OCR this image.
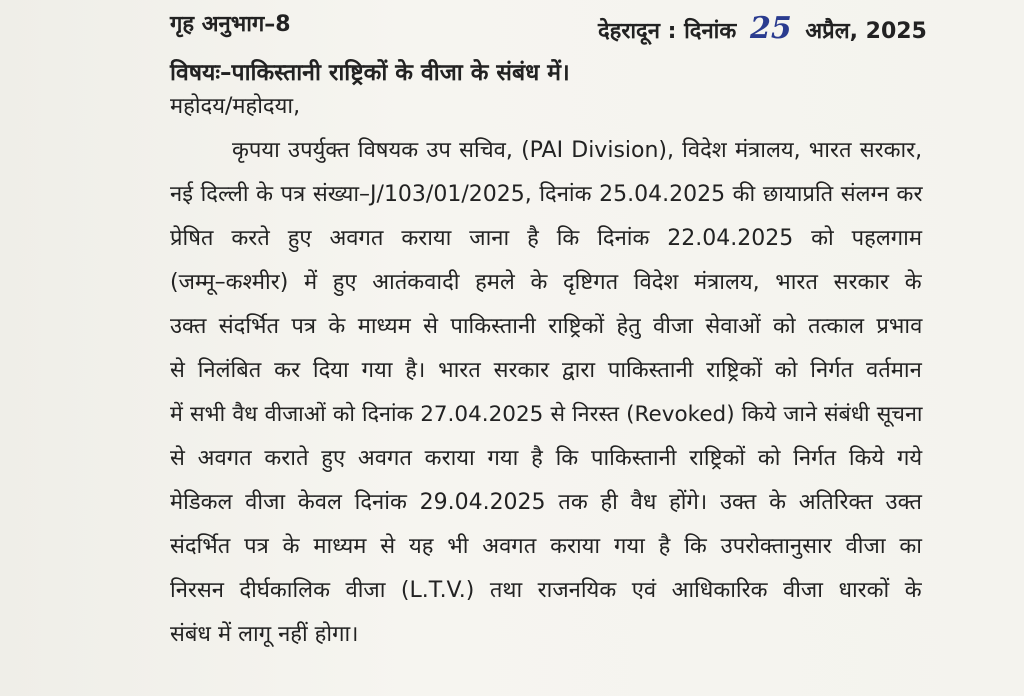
गृह अनुभाग–8	देहरादून : दिनांक 25 अप्रैल, 2025
विषयः–पाकिस्तानी राष्ट्रिकों के वीजा के संबंध में।
महोदय/महोदया,
कृपया उपर्युक्त विषयक उप सचिव, (PAI Division), विदेश मंत्रालय, भारत सरकार,
नई दिल्ली के पत्र संख्या–J/103/01/2025, दिनांक 25.04.2025 की छायाप्रति संलग्न कर
प्रेषित करते हुए अवगत कराया जाना है कि दिनांक 22.04.2025 को पहलगाम
(जम्मू–कश्मीर) में हुए आतंकवादी हमले के दृष्टिगत विदेश मंत्रालय, भारत सरकार के
उक्त संदर्भित पत्र के माध्यम से पाकिस्तानी राष्ट्रिकों हेतु वीजा सेवाओं को तत्काल प्रभाव
से निलंबित कर दिया गया है। भारत सरकार द्वारा पाकिस्तानी राष्ट्रिकों को निर्गत वर्तमान
में सभी वैध वीजाओं को दिनांक 27.04.2025 से निरस्त (Revoked) किये जाने संबंधी सूचना
से अवगत कराते हुए अवगत कराया गया है कि पाकिस्तानी राष्ट्रिकों को निर्गत किये गये
मेडिकल वीजा केवल दिनांक 29.04.2025 तक ही वैध होंगे। उक्त के अतिरिक्त उक्त
संदर्भित पत्र के माध्यम से यह भी अवगत कराया गया है कि उपरोक्तानुसार वीजा का
निरसन दीर्घकालिक वीजा (L.T.V.) तथा राजनयिक एवं आधिकारिक वीजा धारकों के
संबंध में लागू नहीं होगा।
